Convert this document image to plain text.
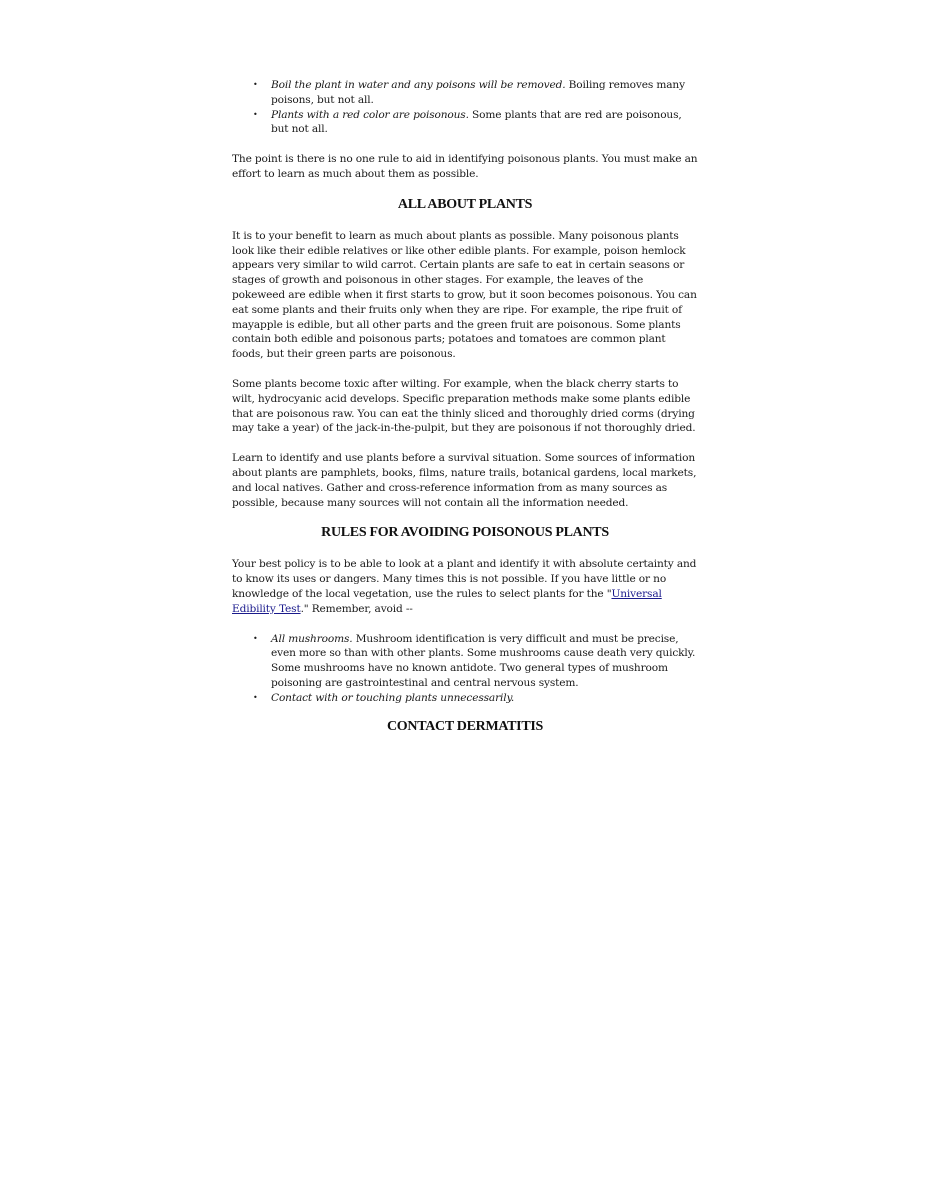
• Boil the plant in water and any poisons will be removed. Boiling removes many poisons, but not all.
• Plants with a red color are poisonous. Some plants that are red are poisonous, but not all.

The point is there is no one rule to aid in identifying poisonous plants. You must make an effort to learn as much about them as possible.

ALL ABOUT PLANTS

It is to your benefit to learn as much about plants as possible. Many poisonous plants look like their edible relatives or like other edible plants. For example, poison hemlock appears very similar to wild carrot. Certain plants are safe to eat in certain seasons or stages of growth and poisonous in other stages. For example, the leaves of the pokeweed are edible when it first starts to grow, but it soon becomes poisonous. You can eat some plants and their fruits only when they are ripe. For example, the ripe fruit of mayapple is edible, but all other parts and the green fruit are poisonous. Some plants contain both edible and poisonous parts; potatoes and tomatoes are common plant foods, but their green parts are poisonous.

Some plants become toxic after wilting. For example, when the black cherry starts to wilt, hydrocyanic acid develops. Specific preparation methods make some plants edible that are poisonous raw. You can eat the thinly sliced and thoroughly dried corms (drying may take a year) of the jack-in-the-pulpit, but they are poisonous if not thoroughly dried.

Learn to identify and use plants before a survival situation. Some sources of information about plants are pamphlets, books, films, nature trails, botanical gardens, local markets, and local natives. Gather and cross-reference information from as many sources as possible, because many sources will not contain all the information needed.

RULES FOR AVOIDING POISONOUS PLANTS

Your best policy is to be able to look at a plant and identify it with absolute certainty and to know its uses or dangers. Many times this is not possible. If you have little or no knowledge of the local vegetation, use the rules to select plants for the "Universal Edibility Test." Remember, avoid --

• All mushrooms. Mushroom identification is very difficult and must be precise, even more so than with other plants. Some mushrooms cause death very quickly. Some mushrooms have no known antidote. Two general types of mushroom poisoning are gastrointestinal and central nervous system.
• Contact with or touching plants unnecessarily.
CONTACT DERMATITIS
